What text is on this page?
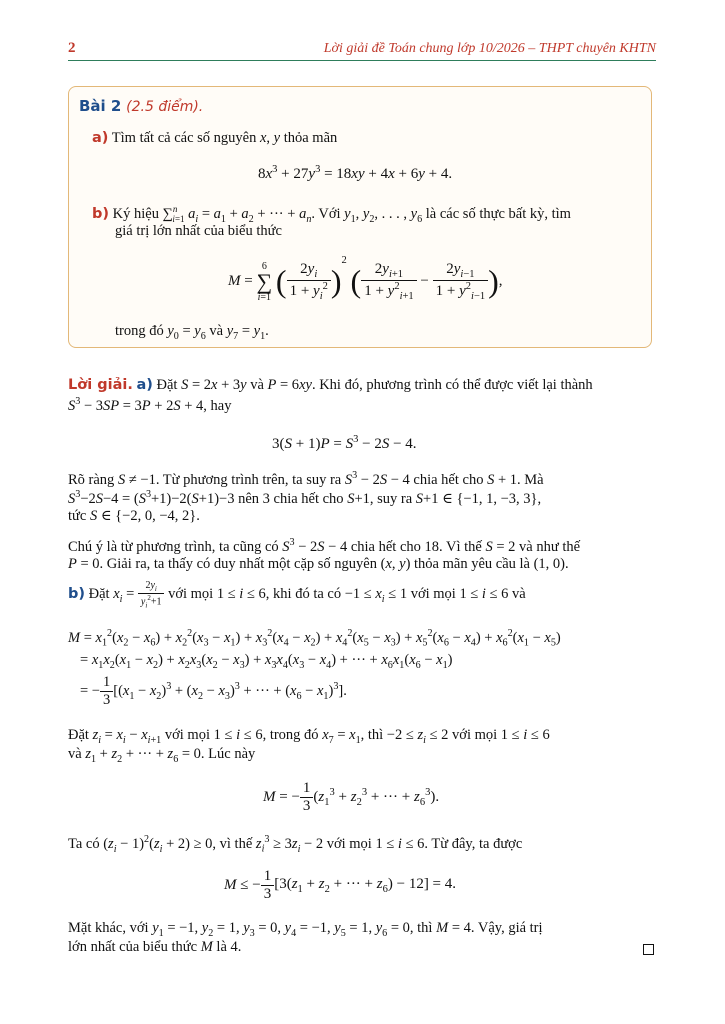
2	Lời giải đề Toán chung lớp 10/2026 – THPT chuyên KHTN
Bài 2 (2.5 điểm).
a) Tìm tất cả các số nguyên x, y thỏa mãn
$8x^3 + 27y^3 = 18xy + 4x + 6y + 4$.
b) Ký hiệu ∑$^n_{i=1}$ $a_i = a_1 + a_2$ + ··· + $a_n$. Với $y_1$, $y_2$, . . . , $y_6$ là các số thực bất kỳ, tìm
giá trị lớn nhất của biểu thức
M =
6
∑
i=1 ( $\frac{2y_i}{1 + y_i^2} )^2$ ( $\frac{2y_{i+1}}{1 + y^2_{i+1}} - \frac{2y_{i-1}}{1 + y^2_{i-1}}$ ),
trong đó $y_0 = y_6$ và $y_7 = y_1$.
Lời giải. a) Đặt S = 2x + 3y và P = 6xy. Khi đó, phương trình có thể được viết lại thành
$S^3 - 3SP = 3P + 2S + 4$, hay
$3(S + 1)P = S^3 - 2S - 4$.
Rõ ràng S ≠ −1. Từ phương trình trên, ta suy ra $S^3 - 2S - 4$ chia hết cho S + 1. Mà
$S^3-2S-4 = (S^3+1)-2(S+1)-3$ nên 3 chia hết cho S+1, suy ra S+1 ∈ {−1, 1, −3, 3},
tức S ∈ {−2, 0, −4, 2}.
Chú ý là từ phương trình, ta cũng có $S^3 - 2S - 4$ chia hết cho 18. Vì thế S = 2 và như thế
P = 0. Giải ra, ta thấy có duy nhất một cặp số nguyên (x, y) thỏa mãn yêu cầu là (1, 0).
b) Đặt $x_i = \frac{2y_i}{y_i^2+1}$ với mọi 1 ≤ i ≤ 6, khi đó ta có $-1 \le x_i \le 1$ với mọi 1 ≤ i ≤ 6 và
$M = x_1^2(x_2 - x_6) + x_2^2(x_3 - x_1) + x_3^2(x_4 - x_2) + x_4^2(x_5 - x_3) + x_5^2(x_6 - x_4) + x_6^2(x_1 - x_5)$
= $x_1x_2(x_1 - x_2) + x_2x_3(x_2 - x_3) + x_3x_4(x_3 - x_4)$ + ··· + $x_6x_1(x_6 - x_1)$
= − $\frac{1}{3} [(x_1 - x_2)^3 + (x_2 - x_3)^3$ + ··· + $(x_6 - x_1)^3$].
Đặt $z_i = x_i - x_{i+1}$ với mọi 1 ≤ i ≤ 6, trong đó $x_7 = x_1$, thì $-2 \le z_i \le 2$ với mọi 1 ≤ i ≤ 6
và $z_1 + z_2$ + ··· + $z_6 = 0$. Lúc này
M = − $\frac{1}{3} (z_1^3 + z_2^3$ + ··· + $z_6^3$).
Ta có $(z_i - 1)^2(z_i + 2) \ge 0$, vì thế $z_i^3 \ge 3z_i - 2$ với mọi 1 ≤ i ≤ 6. Từ đây, ta được
M ≤ − $\frac{1}{3} [3(z_1 + z_2$ + ··· + $z_6) - 12] = 4$.
Mặt khác, với $y_1 = -1$, $y_2 = 1$, $y_3 = 0$, $y_4 = -1$, $y_5 = 1$, $y_6 = 0$, thì M = 4. Vậy, giá trị
lớn nhất của biểu thức M là 4.
